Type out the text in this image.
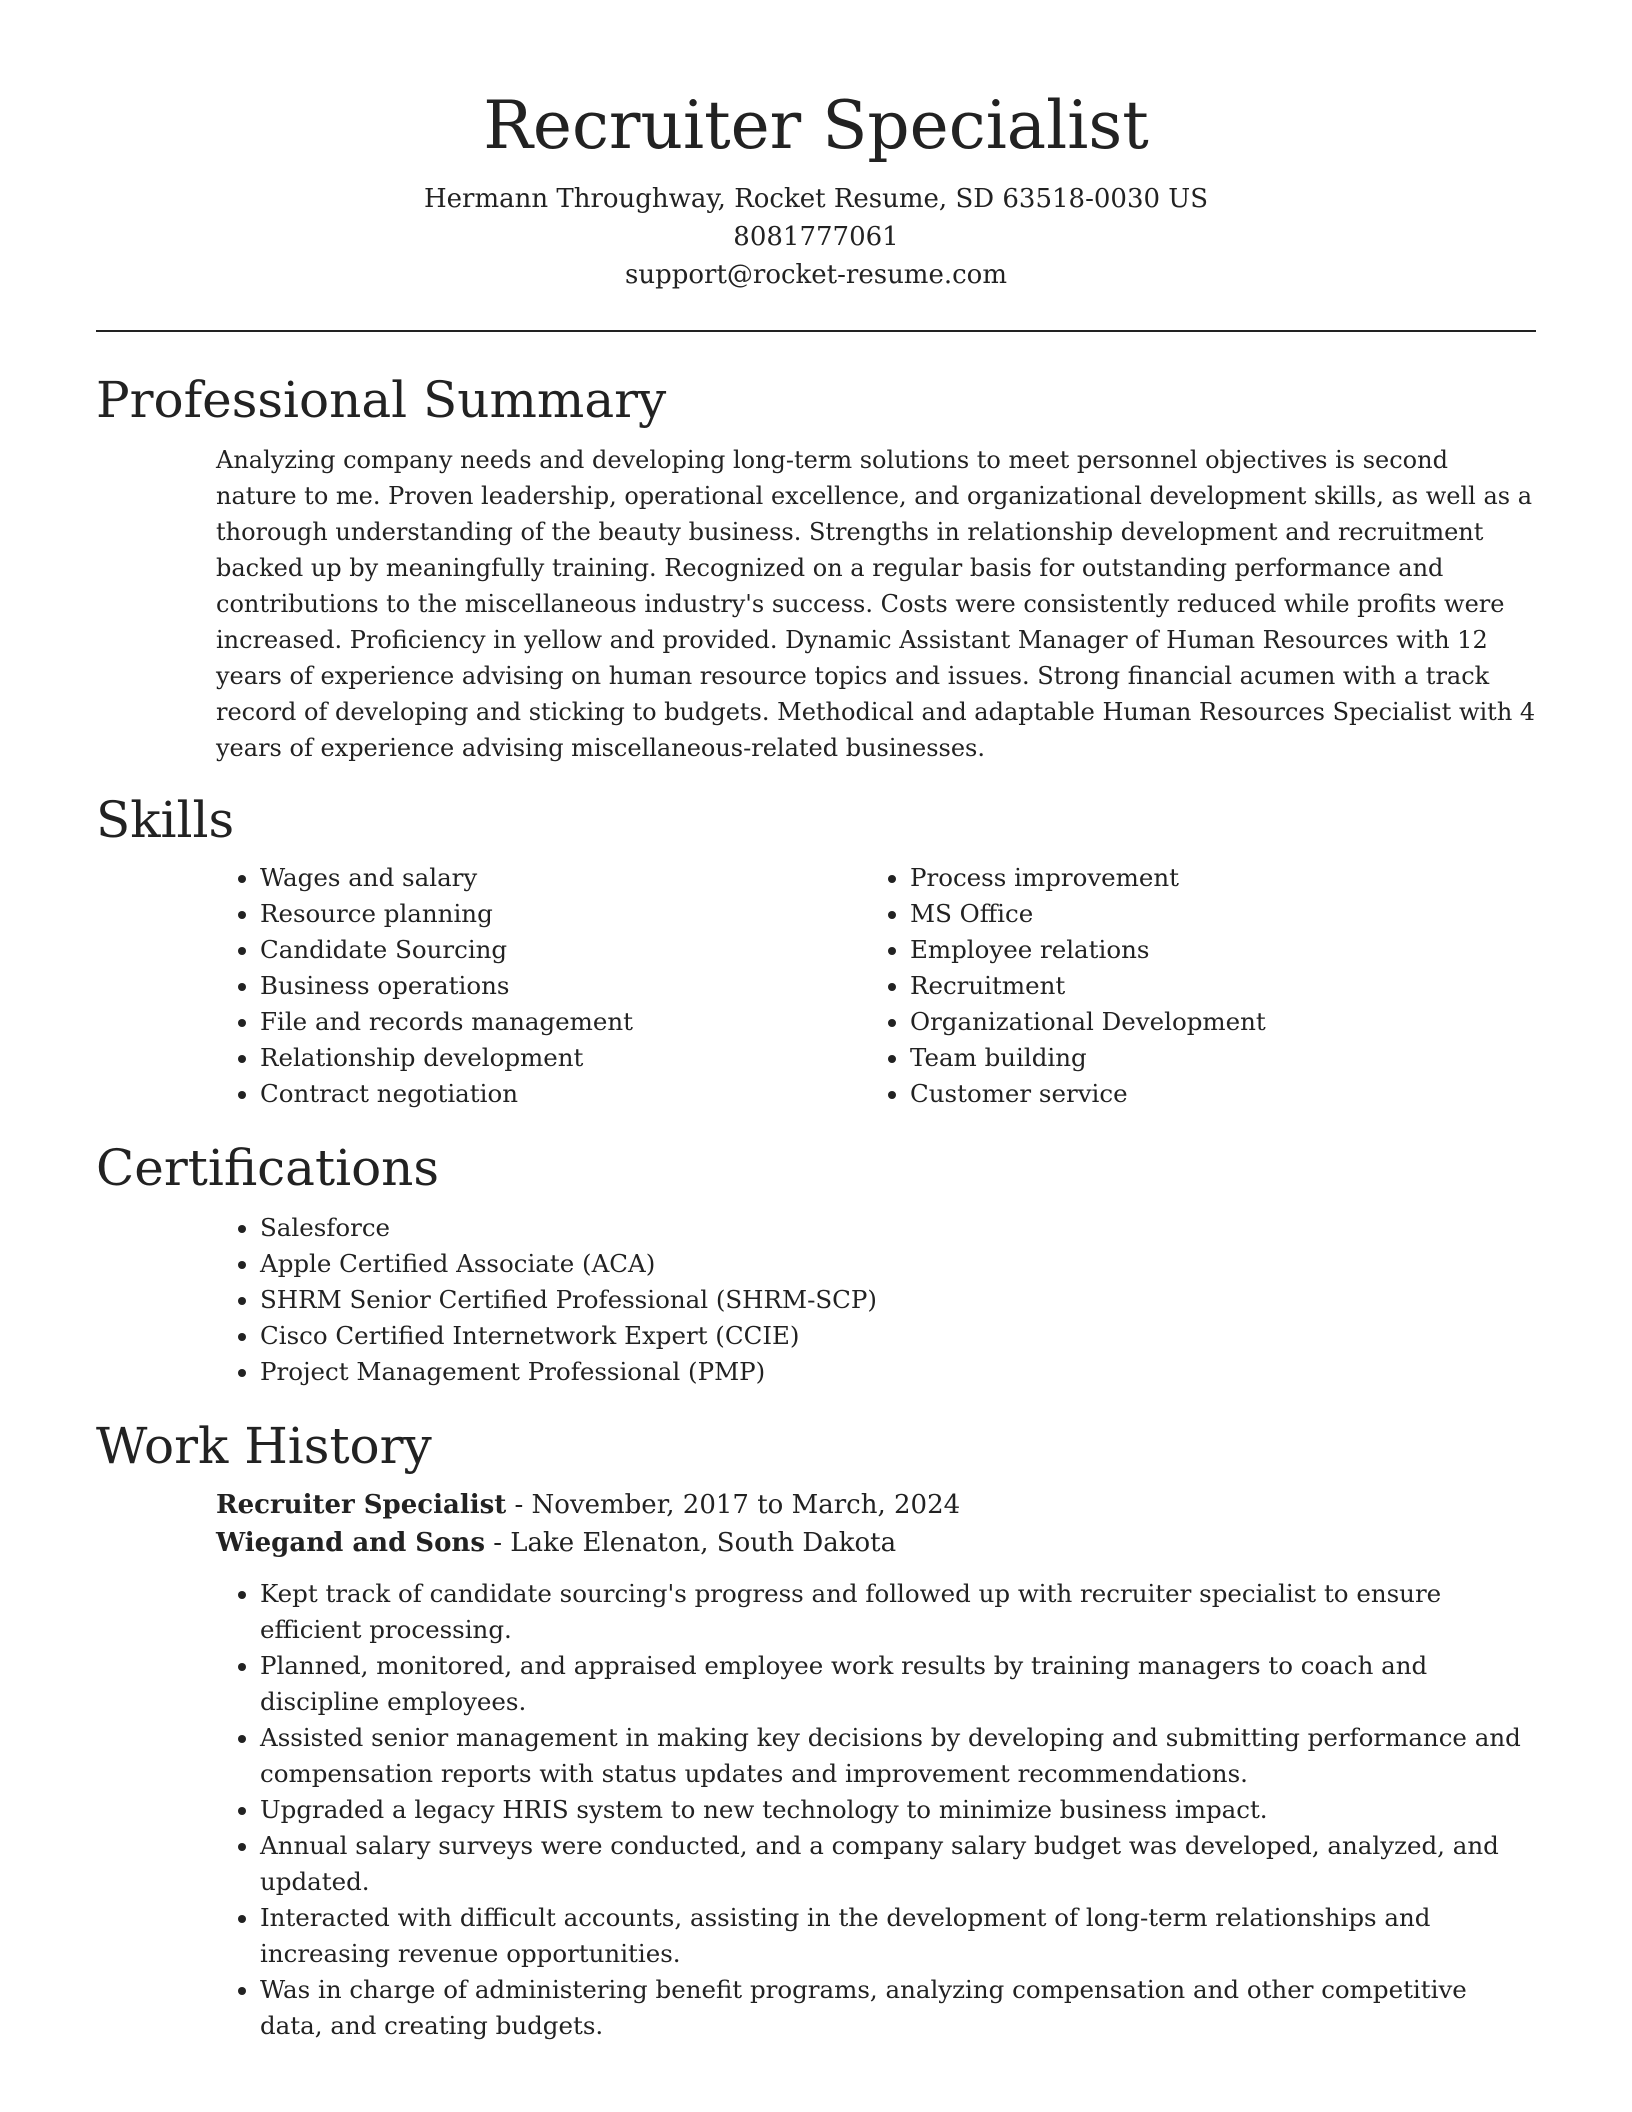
Recruiter Specialist
Hermann Throughway, Rocket Resume, SD 63518-0030 US
8081777061
support@rocket-resume.com
Professional Summary

Analyzing company needs and developing long-term solutions to meet personnel objectives is second nature to me. Proven leadership, operational excellence, and organizational development skills, as well as a thorough understanding of the beauty business. Strengths in relationship development and recruitment backed up by meaningfully training. Recognized on a regular basis for outstanding performance and contributions to the miscellaneous industry's success. Costs were consistently reduced while profits were increased. Proficiency in yellow and provided. Dynamic Assistant Manager of Human Resources with 12 years of experience advising on human resource topics and issues. Strong financial acumen with a track record of developing and sticking to budgets. Methodical and adaptable Human Resources Specialist with 4 years of experience advising miscellaneous-related businesses.

Skills
• Wages and salary
• Resource planning
• Candidate Sourcing
• Business operations
• File and records management
• Relationship development
• Contract negotiation
• Process improvement
• MS Office
• Employee relations
• Recruitment
• Organizational Development
• Team building
• Customer service
Certifications
• Salesforce
• Apple Certified Associate (ACA)
• SHRM Senior Certified Professional (SHRM-SCP)
• Cisco Certified Internetwork Expert (CCIE)
• Project Management Professional (PMP)
Work History
Recruiter Specialist - November, 2017 to March, 2024
Wiegand and Sons - Lake Elenaton, South Dakota
• Kept track of candidate sourcing's progress and followed up with recruiter specialist to ensure efficient processing.
• Planned, monitored, and appraised employee work results by training managers to coach and discipline employees.
• Assisted senior management in making key decisions by developing and submitting performance and compensation reports with status updates and improvement recommendations.
• Upgraded a legacy HRIS system to new technology to minimize business impact.
• Annual salary surveys were conducted, and a company salary budget was developed, analyzed, and updated.
• Interacted with difficult accounts, assisting in the development of long-term relationships and increasing revenue opportunities.
• Was in charge of administering benefit programs, analyzing compensation and other competitive data, and creating budgets.
